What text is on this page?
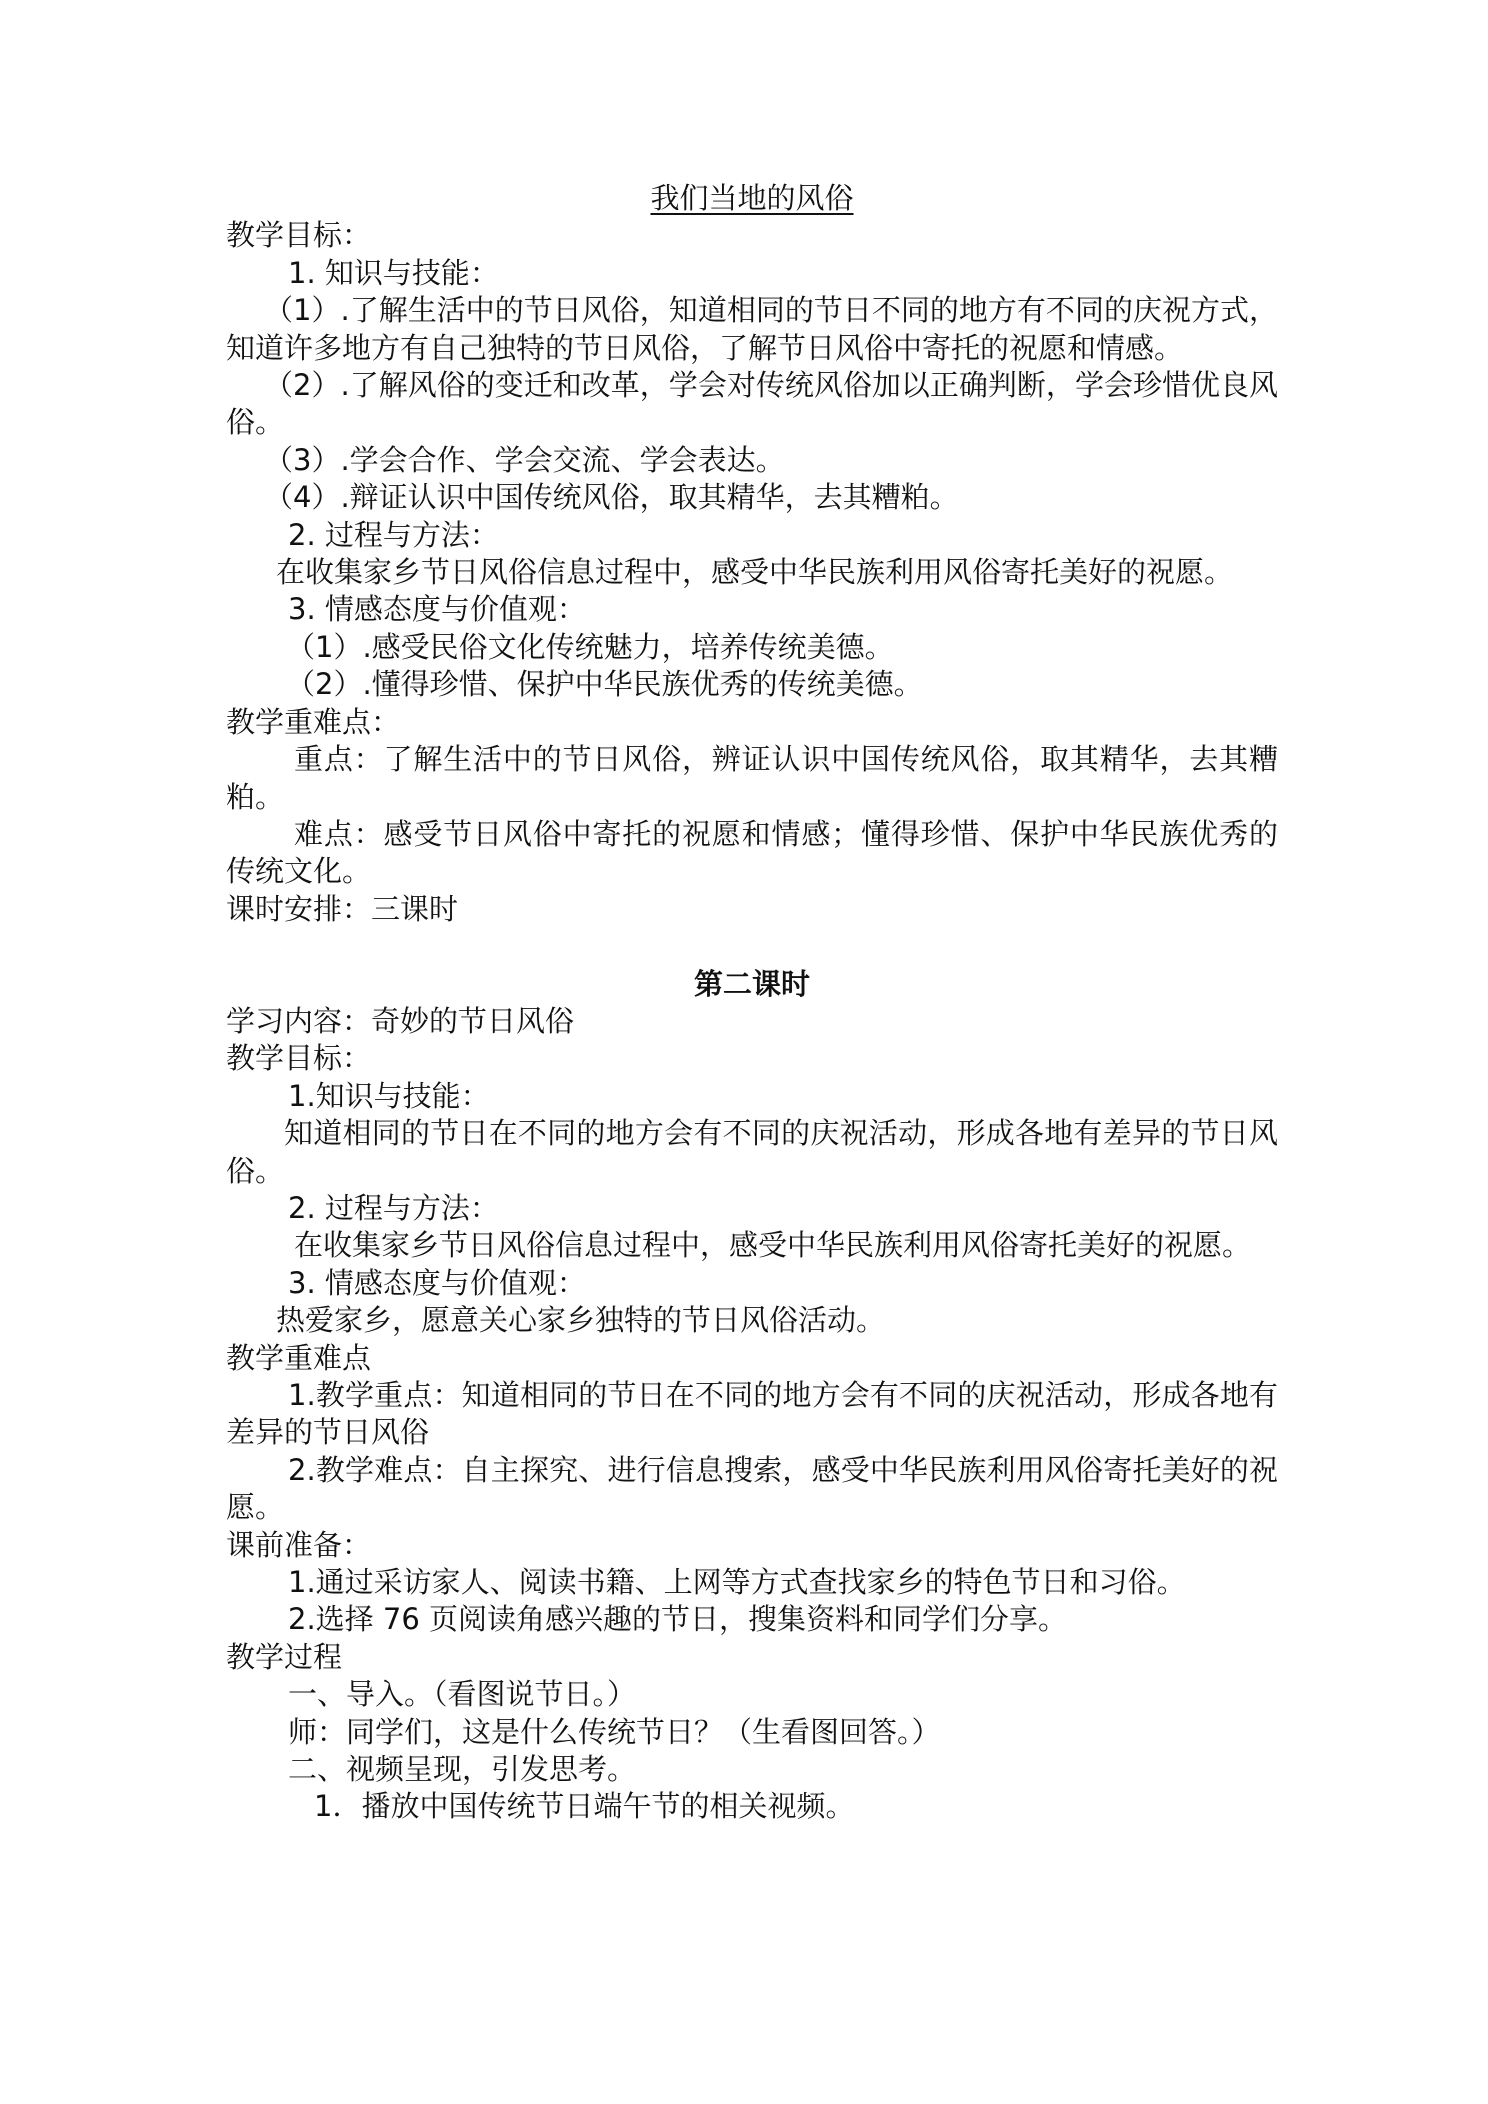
我们当地的风俗

教学目标：

1. 知识与技能：

（1）.了解生活中的节日风俗，知道相同的节日不同的地方有不同的庆祝方式，知道许多地方有自己独特的节日风俗，了解节日风俗中寄托的祝愿和情感。

（2）.了解风俗的变迁和改革，学会对传统风俗加以正确判断，学会珍惜优良风俗。

（3）.学会合作、学会交流、学会表达。

（4）.辩证认识中国传统风俗，取其精华，去其糟粕。

2. 过程与方法：

在收集家乡节日风俗信息过程中，感受中华民族利用风俗寄托美好的祝愿。

3. 情感态度与价值观：

（1）.感受民俗文化传统魅力，培养传统美德。

（2）.懂得珍惜、保护中华民族优秀的传统美德。

教学重难点：

重点：了解生活中的节日风俗，辨证认识中国传统风俗，取其精华，去其糟粕。

难点：感受节日风俗中寄托的祝愿和情感；懂得珍惜、保护中华民族优秀的传统文化。

课时安排：三课时

第二课时

学习内容：奇妙的节日风俗

教学目标：

1.知识与技能：

知道相同的节日在不同的地方会有不同的庆祝活动，形成各地有差异的节日风俗。

2. 过程与方法：

在收集家乡节日风俗信息过程中，感受中华民族利用风俗寄托美好的祝愿。

3. 情感态度与价值观：

热爱家乡，愿意关心家乡独特的节日风俗活动。

教学重难点

1.教学重点：知道相同的节日在不同的地方会有不同的庆祝活动，形成各地有差异的节日风俗

2.教学难点：自主探究、进行信息搜索，感受中华民族利用风俗寄托美好的祝愿。

课前准备：

1.通过采访家人、阅读书籍、上网等方式查找家乡的特色节日和习俗。

2.选择 76 页阅读角感兴趣的节日，搜集资料和同学们分享。

教学过程

一、导入。（看图说节日。）

师：同学们，这是什么传统节日？（生看图回答。）

二、视频呈现，引发思考。

1．播放中国传统节日端午节的相关视频。
